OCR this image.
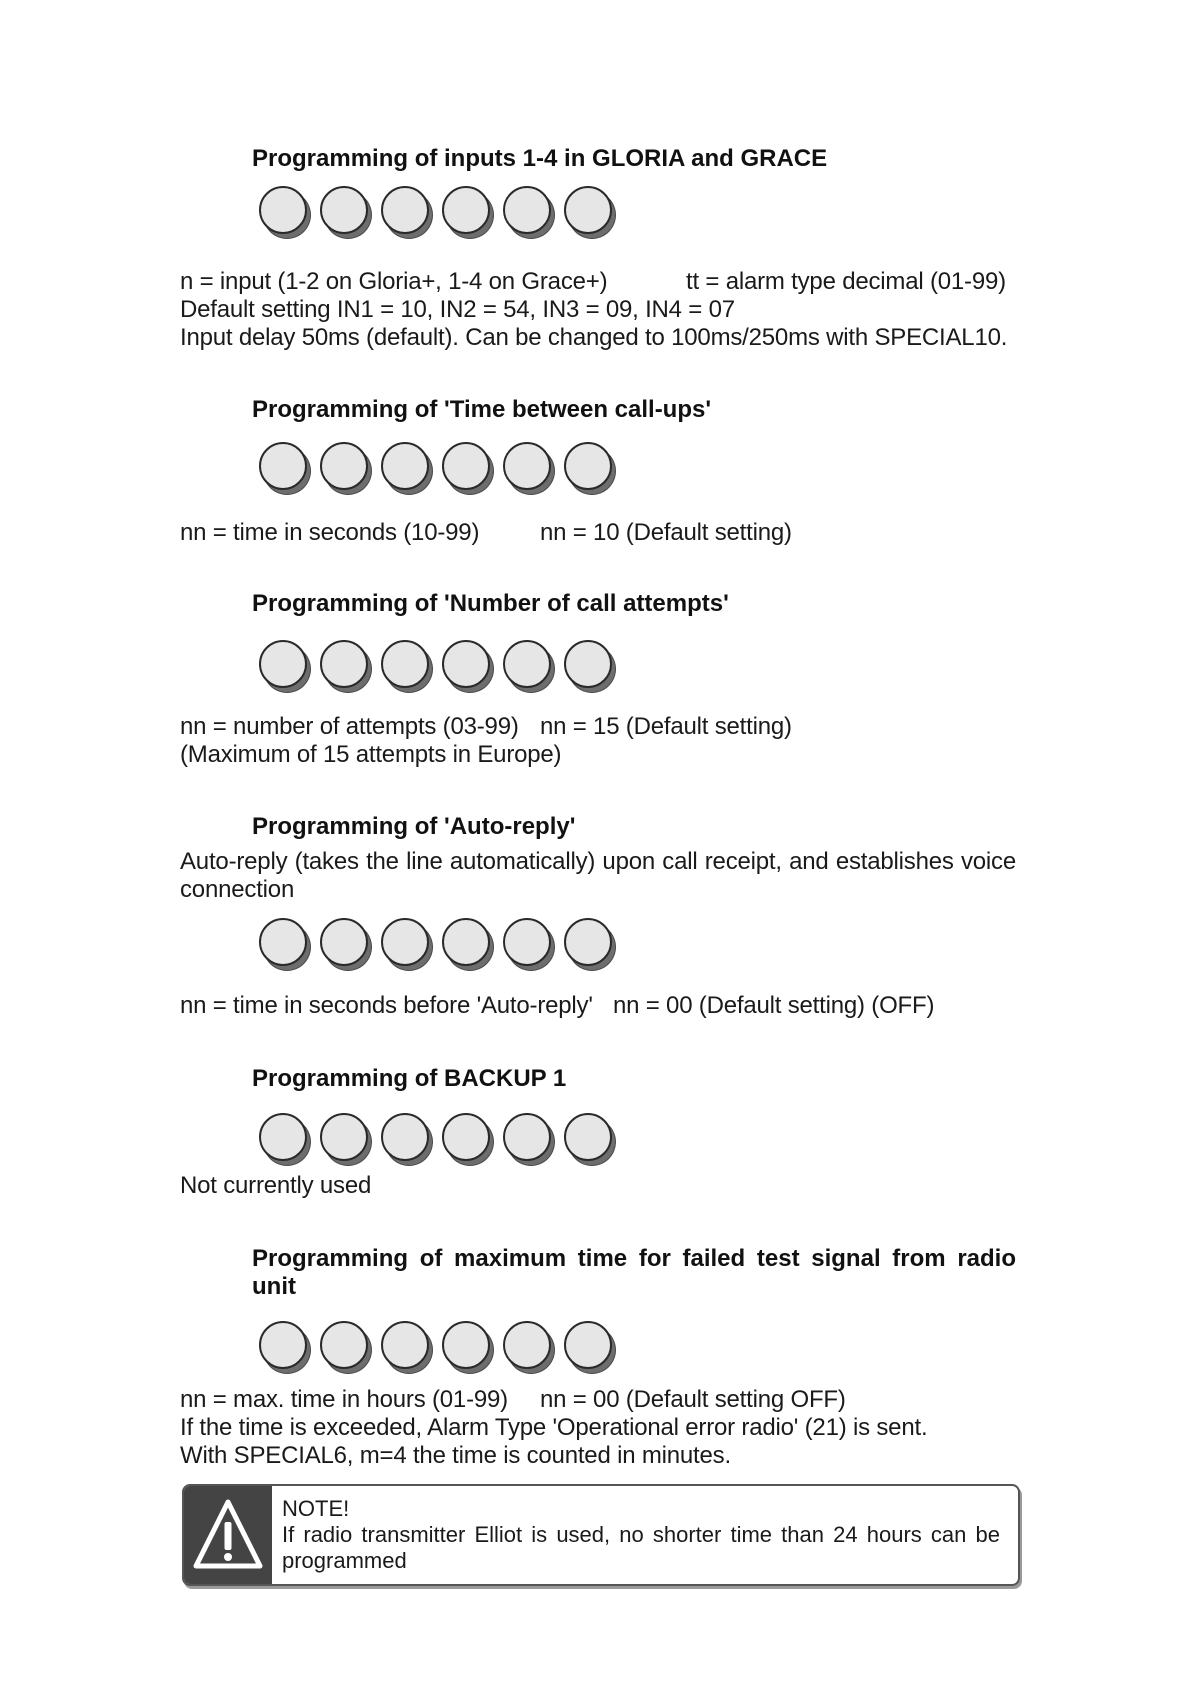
Programming of inputs 1-4 in GLORIA and GRACE
n = input (1-2 on Gloria+, 1-4 on Grace+)	tt = alarm type decimal (01-99)
Default setting IN1 = 10, IN2 = 54, IN3 = 09, IN4 = 07
Input delay 50ms (default). Can be changed to 100ms/250ms with SPECIAL10.
Programming of 'Time between call-ups'
nn = time in seconds (10-99)	nn = 10 (Default setting)
Programming of 'Number of call attempts'
nn = number of attempts (03-99) nn = 15 (Default setting)
(Maximum of 15 attempts in Europe)
Programming of 'Auto-reply'
Auto-reply (takes the line automatically) upon call receipt, and establishes voice connection
nn = time in seconds before 'Auto-reply' nn = 00 (Default setting) (OFF)
Programming of BACKUP 1
Not currently used
Programming of maximum time for failed test signal from radio unit
nn = max. time in hours (01-99) nn = 00 (Default setting OFF)
If the time is exceeded, Alarm Type 'Operational error radio' (21) is sent.
With SPECIAL6, m=4 the time is counted in minutes.
NOTE!
If radio transmitter Elliot is used, no shorter time than 24 hours can be programmed
